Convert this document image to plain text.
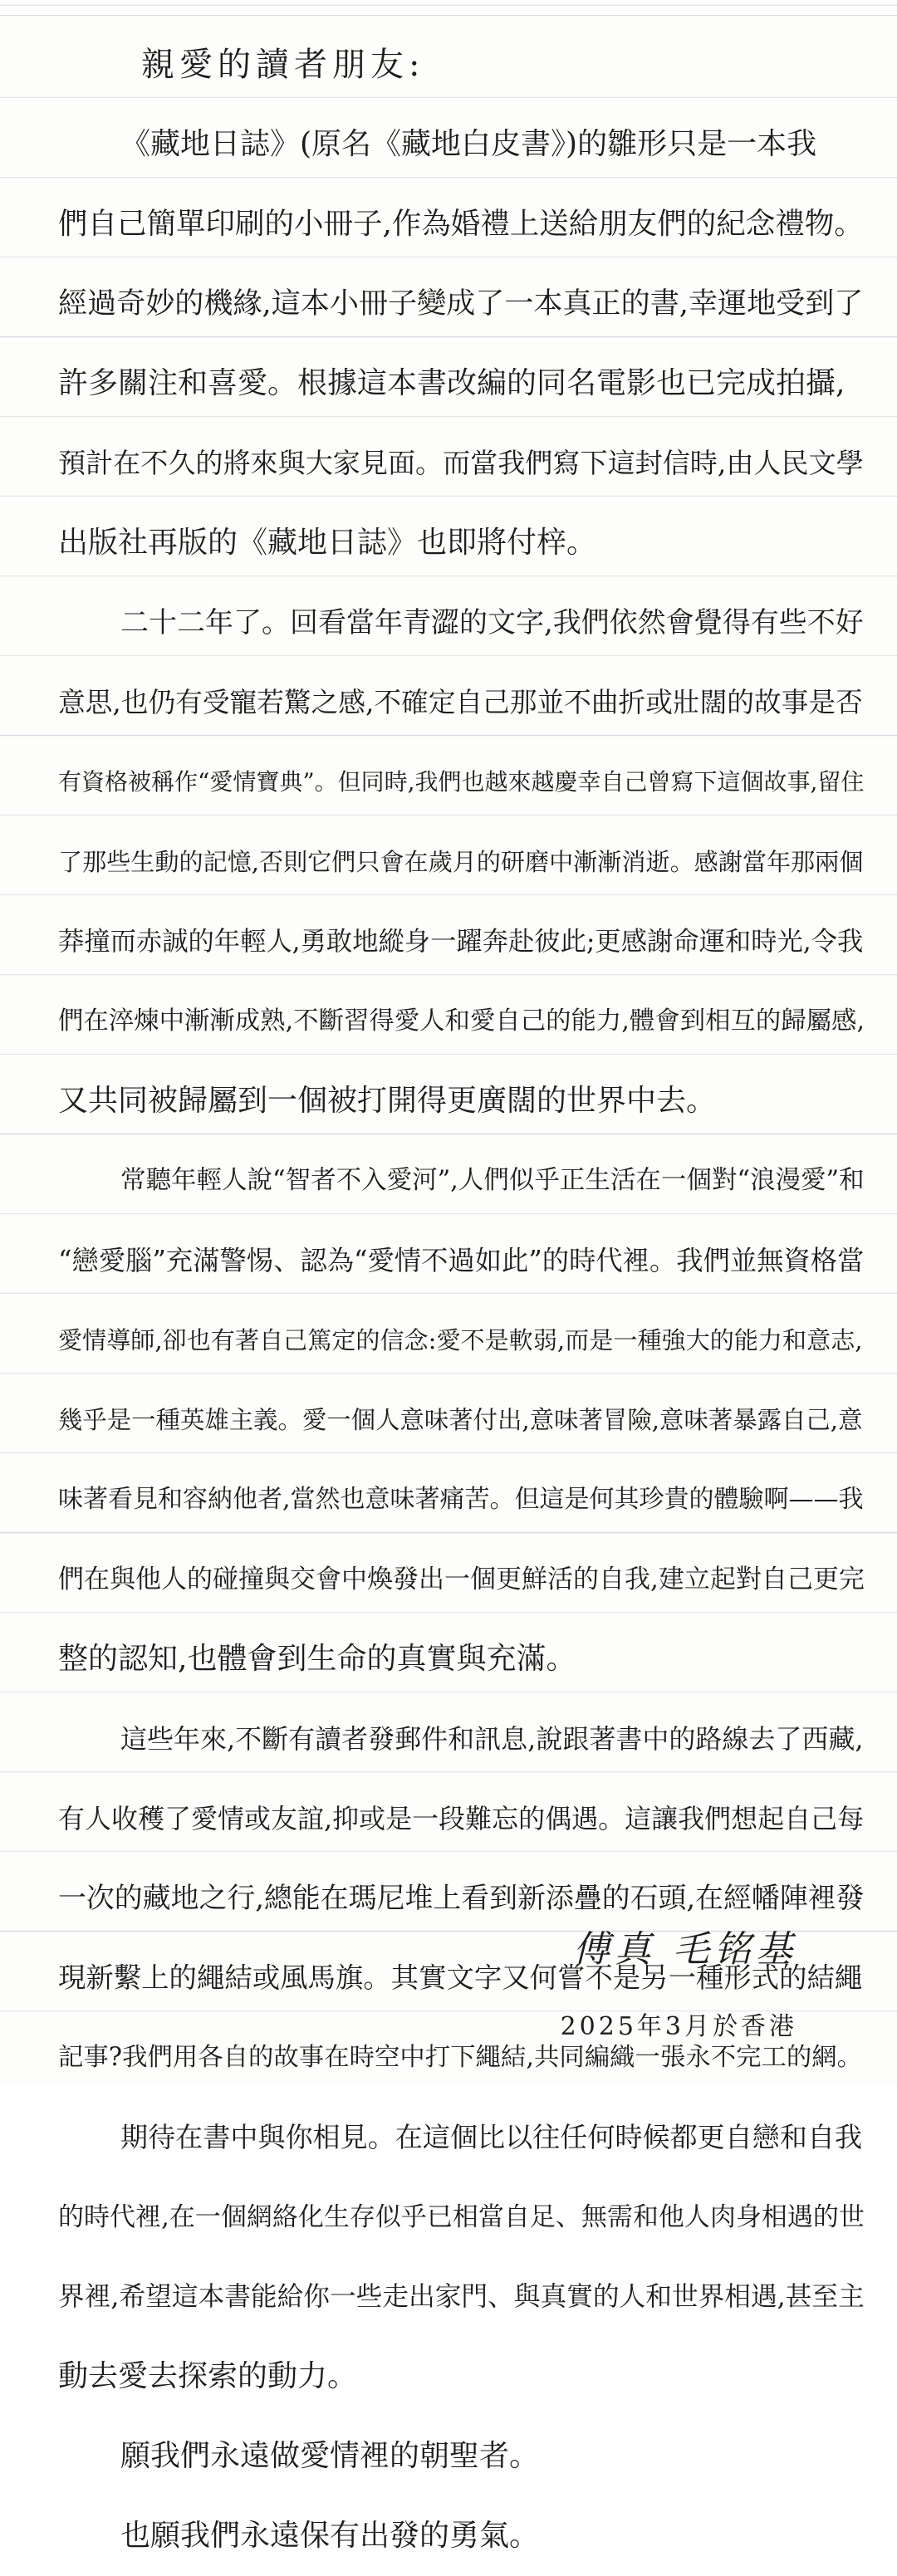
親愛的讀者朋友:
《藏地日誌》(原名《藏地白皮書》)的雛形只是一本我
們自己簡單印刷的小冊子,作為婚禮上送給朋友們的紀念禮物。
經過奇妙的機緣,這本小冊子變成了一本真正的書,幸運地受到了
許多關注和喜愛。根據這本書改編的同名電影也已完成拍攝,
預計在不久的將來與大家見面。而當我們寫下這封信時,由人民文學
出版社再版的《藏地日誌》也即將付梓。
二十二年了。回看當年青澀的文字,我們依然會覺得有些不好
意思,也仍有受寵若驚之感,不確定自己那並不曲折或壯闊的故事是否
有資格被稱作“愛情寶典”。但同時,我們也越來越慶幸自己曾寫下這個故事,留住
了那些生動的記憶,否則它們只會在歲月的研磨中漸漸消逝。感謝當年那兩個
莽撞而赤誠的年輕人,勇敢地縱身一躍奔赴彼此;更感謝命運和時光,令我
們在淬煉中漸漸成熟,不斷習得愛人和愛自己的能力,體會到相互的歸屬感,
又共同被歸屬到一個被打開得更廣闊的世界中去。
常聽年輕人說“智者不入愛河”,人們似乎正生活在一個對“浪漫愛”和
“戀愛腦”充滿警惕、認為“愛情不過如此”的時代裡。我們並無資格當
愛情導師,卻也有著自己篤定的信念:愛不是軟弱,而是一種強大的能力和意志,
幾乎是一種英雄主義。愛一個人意味著付出,意味著冒險,意味著暴露自己,意
味著看見和容納他者,當然也意味著痛苦。但這是何其珍貴的體驗啊——我
們在與他人的碰撞與交會中煥發出一個更鮮活的自我,建立起對自己更完
整的認知,也體會到生命的真實與充滿。
這些年來,不斷有讀者發郵件和訊息,說跟著書中的路線去了西藏,
有人收穫了愛情或友誼,抑或是一段難忘的偶遇。這讓我們想起自己每
一次的藏地之行,總能在瑪尼堆上看到新添疊的石頭,在經幡陣裡發
現新繫上的繩結或風馬旗。其實文字又何嘗不是另一種形式的結繩
記事?我們用各自的故事在時空中打下繩結,共同編織一張永不完工的網。
期待在書中與你相見。在這個比以往任何時候都更自戀和自我
的時代裡,在一個網絡化生存似乎已相當自足、無需和他人肉身相遇的世
界裡,希望這本書能給你一些走出家門、與真實的人和世界相遇,甚至主
動去愛去探索的動力。
願我們永遠做愛情裡的朝聖者。
也願我們永遠保有出發的勇氣。
傅真 毛铭基
2025年3月於香港
